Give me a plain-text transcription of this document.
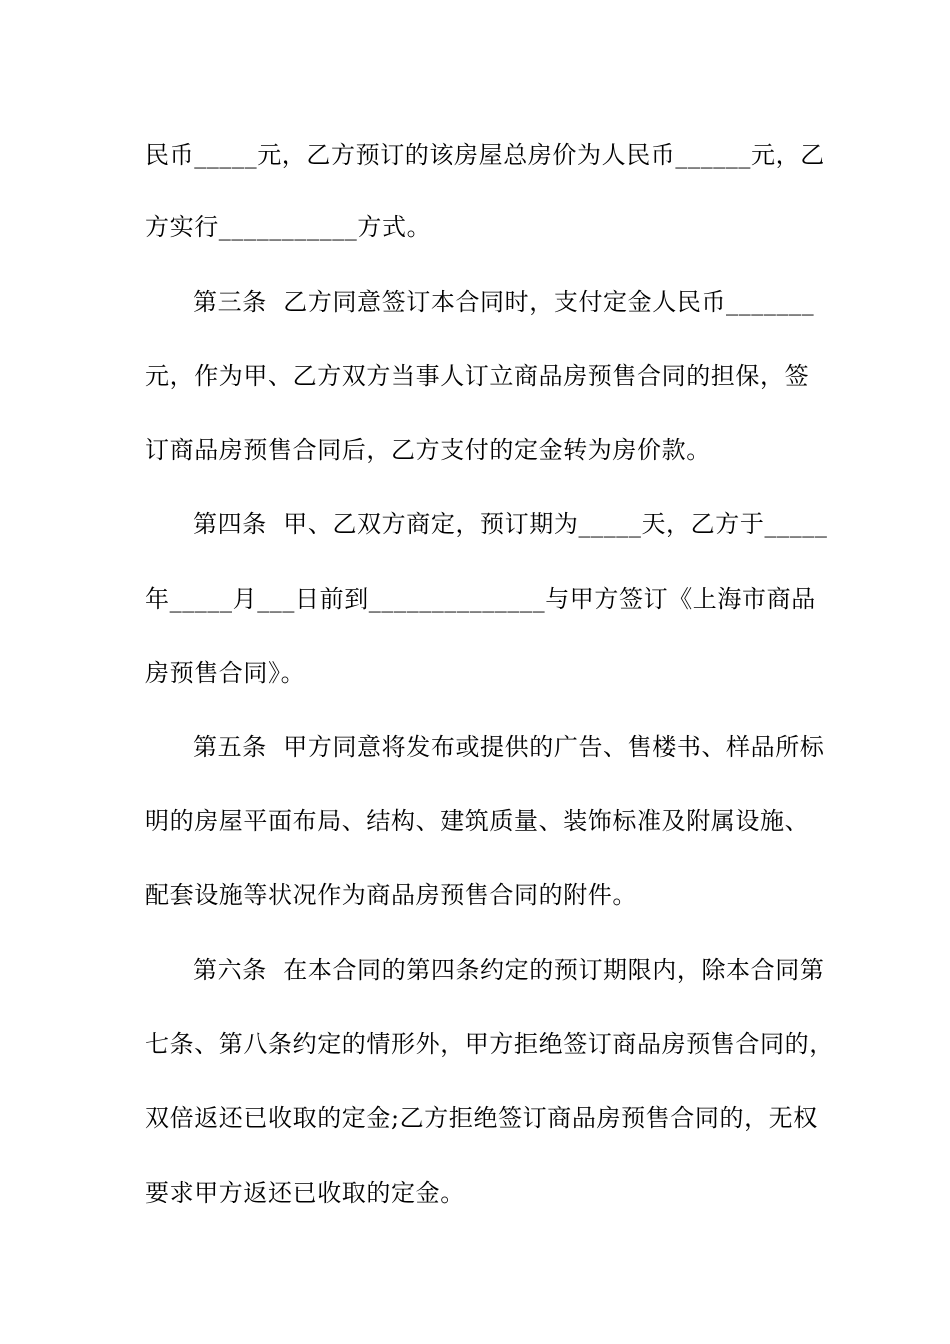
民币_____元，乙方预订的该房屋总房价为人民币______元，乙
方实行___________方式。
第三条  乙方同意签订本合同时，支付定金人民币_______
元，作为甲、乙方双方当事人订立商品房预售合同的担保，签
订商品房预售合同后，乙方支付的定金转为房价款。
第四条  甲、乙双方商定，预订期为_____天，乙方于_____
年_____月___日前到______________与甲方签订《上海市商品
房预售合同》。
第五条  甲方同意将发布或提供的广告、售楼书、样品所标
明的房屋平面布局、结构、建筑质量、装饰标准及附属设施、
配套设施等状况作为商品房预售合同的附件。
第六条  在本合同的第四条约定的预订期限内，除本合同第
七条、第八条约定的情形外，甲方拒绝签订商品房预售合同的，
双倍返还已收取的定金;乙方拒绝签订商品房预售合同的，无权
要求甲方返还已收取的定金。
